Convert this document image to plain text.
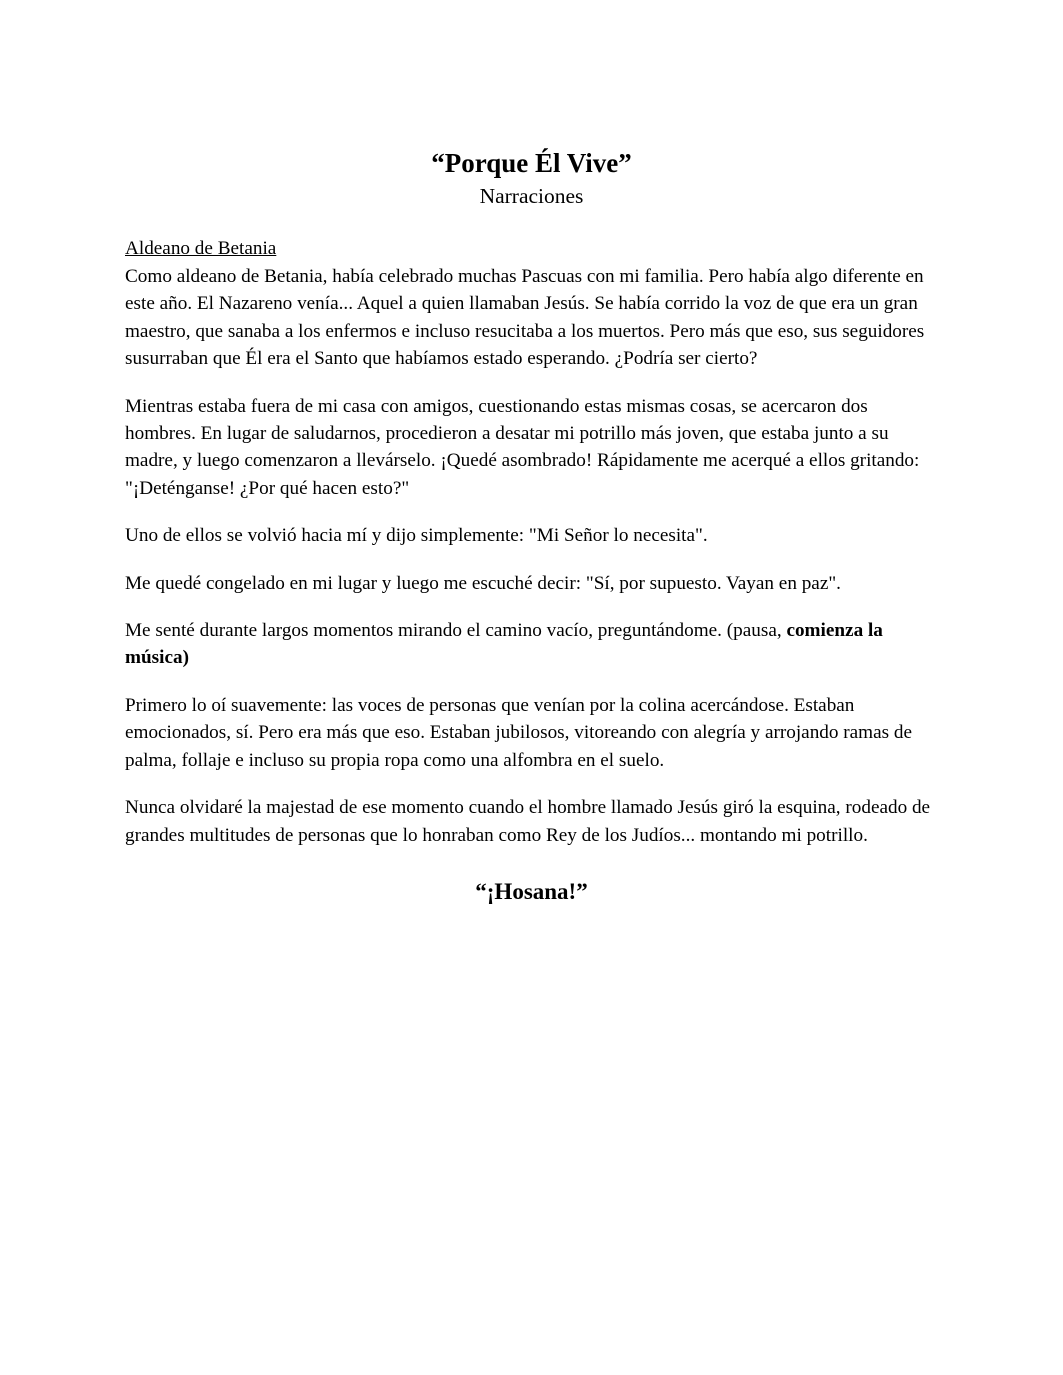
“Porque Él Vive”
Narraciones
Aldeano de Betania

Como aldeano de Betania, había celebrado muchas Pascuas con mi familia. Pero había algo diferente en este año. El Nazareno venía... Aquel a quien llamaban Jesús. Se había corrido la voz de que era un gran maestro, que sanaba a los enfermos e incluso resucitaba a los muertos. Pero más que eso, sus seguidores susurraban que Él era el Santo que habíamos estado esperando. ¿Podría ser cierto?

Mientras estaba fuera de mi casa con amigos, cuestionando estas mismas cosas, se acercaron dos hombres. En lugar de saludarnos, procedieron a desatar mi potrillo más joven, que estaba junto a su madre, y luego comenzaron a llevárselo. ¡Quedé asombrado! Rápidamente me acerqué a ellos gritando: "¡Deténganse! ¿Por qué hacen esto?"

Uno de ellos se volvió hacia mí y dijo simplemente: "Mi Señor lo necesita".

Me quedé congelado en mi lugar y luego me escuché decir: "Sí, por supuesto. Vayan en paz".

Me senté durante largos momentos mirando el camino vacío, preguntándome. (pausa, comienza la música)

Primero lo oí suavemente: las voces de personas que venían por la colina acercándose. Estaban emocionados, sí. Pero era más que eso. Estaban jubilosos, vitoreando con alegría y arrojando ramas de palma, follaje e incluso su propia ropa como una alfombra en el suelo.

Nunca olvidaré la majestad de ese momento cuando el hombre llamado Jesús giró la esquina, rodeado de grandes multitudes de personas que lo honraban como Rey de los Judíos... montando mi potrillo.

“¡Hosana!”
